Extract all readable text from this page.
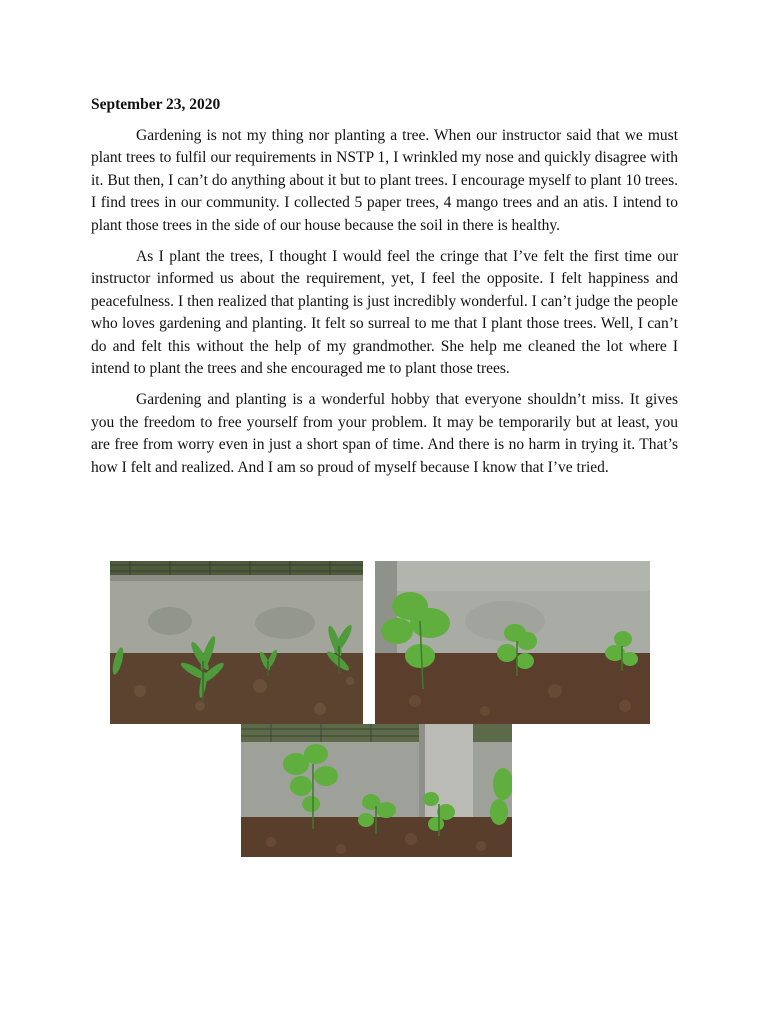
September 23, 2020

Gardening is not my thing nor planting a tree. When our instructor said that we must plant trees to fulfil our requirements in NSTP 1, I wrinkled my nose and quickly disagree with it. But then, I can’t do anything about it but to plant trees. I encourage myself to plant 10 trees. I find trees in our community. I collected 5 paper trees, 4 mango trees and an atis. I intend to plant those trees in the side of our house because the soil in there is healthy.

As I plant the trees, I thought I would feel the cringe that I’ve felt the first time our instructor informed us about the requirement, yet, I feel the opposite. I felt happiness and peacefulness. I then realized that planting is just incredibly wonderful. I can’t judge the people who loves gardening and planting. It felt so surreal to me that I plant those trees. Well, I can’t do and felt this without the help of my grandmother. She help me cleaned the lot where I intend to plant the trees and she encouraged me to plant those trees.

Gardening and planting is a wonderful hobby that everyone shouldn’t miss. It gives you the freedom to free yourself from your problem. It may be temporarily but at least, you are free from worry even in just a short span of time. And there is no harm in trying it. That’s how I felt and realized. And I am so proud of myself because I know that I’ve tried.
